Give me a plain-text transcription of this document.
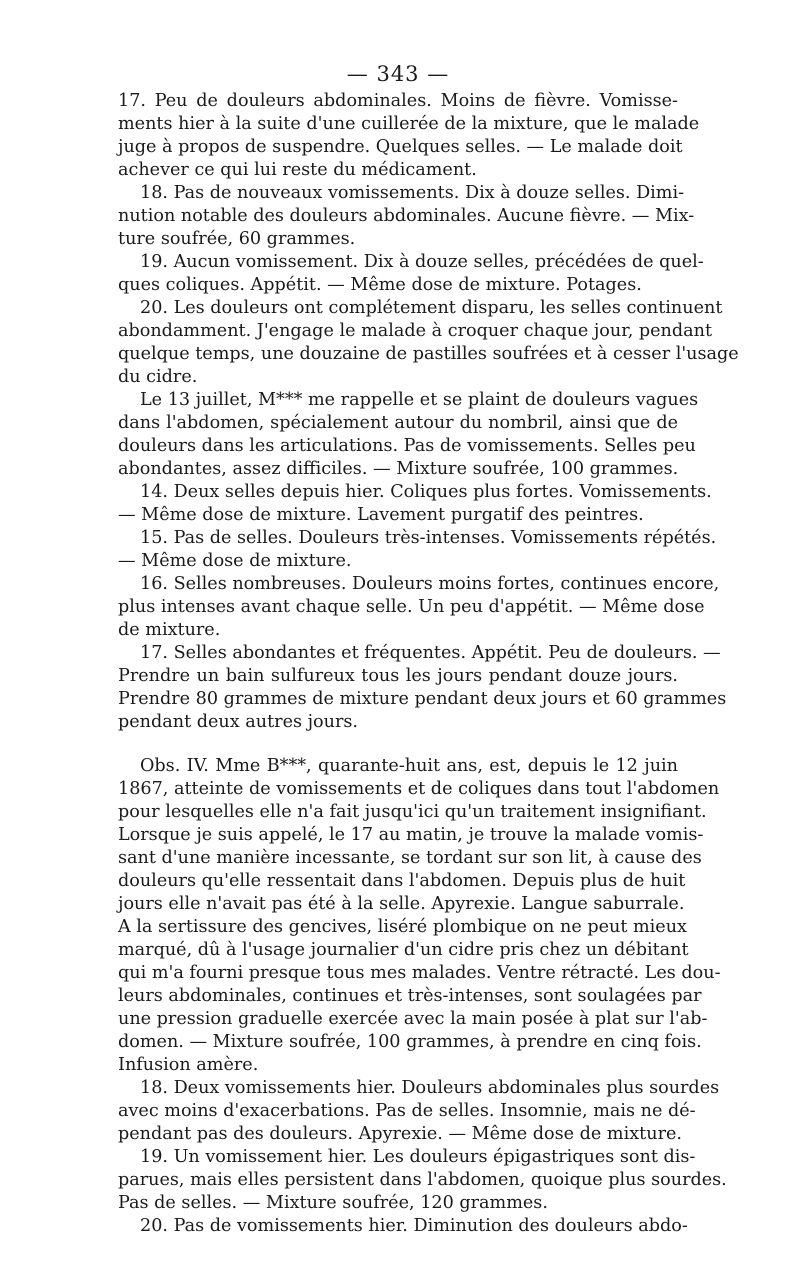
— 343 —
17. Peu de douleurs abdominales. Moins de fièvre. Vomisse-
ments hier à la suite d'une cuillerée de la mixture, que le malade
juge à propos de suspendre. Quelques selles. — Le malade doit
achever ce qui lui reste du médicament.
18. Pas de nouveaux vomissements. Dix à douze selles. Dimi-
nution notable des douleurs abdominales. Aucune fièvre. — Mix-
ture soufrée, 60 grammes.
19. Aucun vomissement. Dix à douze selles, précédées de quel-
ques coliques. Appétit. — Même dose de mixture. Potages.
20. Les douleurs ont complétement disparu, les selles continuent
abondamment. J'engage le malade à croquer chaque jour, pendant
quelque temps, une douzaine de pastilles soufrées et à cesser l'usage
du cidre.
Le 13 juillet, M*** me rappelle et se plaint de douleurs vagues
dans l'abdomen, spécialement autour du nombril, ainsi que de
douleurs dans les articulations. Pas de vomissements. Selles peu
abondantes, assez difficiles. — Mixture soufrée, 100 grammes.
14. Deux selles depuis hier. Coliques plus fortes. Vomissements.
— Même dose de mixture. Lavement purgatif des peintres.
15. Pas de selles. Douleurs très-intenses. Vomissements répétés.
— Même dose de mixture.
16. Selles nombreuses. Douleurs moins fortes, continues encore,
plus intenses avant chaque selle. Un peu d'appétit. — Même dose
de mixture.
17. Selles abondantes et fréquentes. Appétit. Peu de douleurs. —
Prendre un bain sulfureux tous les jours pendant douze jours.
Prendre 80 grammes de mixture pendant deux jours et 60 grammes
pendant deux autres jours.
Obs. IV. Mme B***, quarante-huit ans, est, depuis le 12 juin
1867, atteinte de vomissements et de coliques dans tout l'abdomen
pour lesquelles elle n'a fait jusqu'ici qu'un traitement insignifiant.
Lorsque je suis appelé, le 17 au matin, je trouve la malade vomis-
sant d'une manière incessante, se tordant sur son lit, à cause des
douleurs qu'elle ressentait dans l'abdomen. Depuis plus de huit
jours elle n'avait pas été à la selle. Apyrexie. Langue saburrale.
A la sertissure des gencives, liséré plombique on ne peut mieux
marqué, dû à l'usage journalier d'un cidre pris chez un débitant
qui m'a fourni presque tous mes malades. Ventre rétracté. Les dou-
leurs abdominales, continues et très-intenses, sont soulagées par
une pression graduelle exercée avec la main posée à plat sur l'ab-
domen. — Mixture soufrée, 100 grammes, à prendre en cinq fois.
Infusion amère.
18. Deux vomissements hier. Douleurs abdominales plus sourdes
avec moins d'exacerbations. Pas de selles. Insomnie, mais ne dé-
pendant pas des douleurs. Apyrexie. — Même dose de mixture.
19. Un vomissement hier. Les douleurs épigastriques sont dis-
parues, mais elles persistent dans l'abdomen, quoique plus sourdes.
Pas de selles. — Mixture soufrée, 120 grammes.
20. Pas de vomissements hier. Diminution des douleurs abdo-
